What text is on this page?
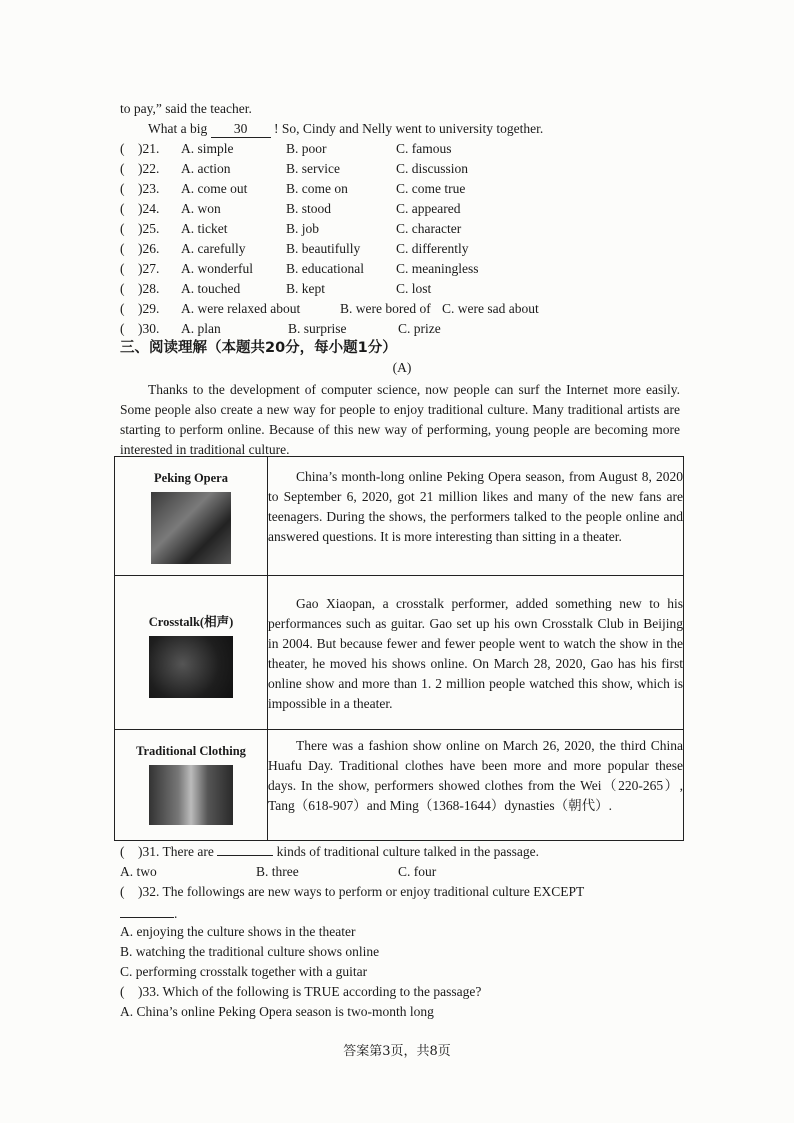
to pay,” said the teacher.
What a big 30 ! So, Cindy and Nelly went to university together.
(    )21. A. simple	B. poor	C. famous
(    )22. A. action	B. service	C. discussion
(    )23. A. come out	B. come on	C. come true
(    )24. A. won	B. stood	C. appeared
(    )25. A. ticket	B. job	C. character
(    )26. A. carefully	B. beautifully	C. differently
(    )27. A. wonderful B. educational C. meaningless
(    )28. A. touched	B. kept	C. lost
(    )29. A. were relaxed about	B. were bored of C. were sad about
(    )30. A. plan	B. surprise	C. prize
三、阅读理解（本题共20分，每小题1分）
(A)
Thanks to the development of computer science, now people can surf the Internet more easily. Some people also create a new way for people to enjoy traditional culture. Many traditional artists are starting to perform online. Because of this new way of performing, young people are becoming more interested in traditional culture.
Peking Opera	China’s month-long online Peking Opera season, from August 8, 2020 to September 6, 2020, got 21 million likes and many of the new fans are teenagers. During the shows, the performers talked to the people online and answered questions. It is more interesting than sitting in a theater.

Crosstalk(相声)	Gao Xiaopan, a crosstalk performer, added something new to his performances such as guitar. Gao set up his own Crosstalk Club in Beijing in 2004. But because fewer and fewer people went to watch the show in the theater, he moved his shows online. On March 28, 2020, Gao has his first online show and more than 1. 2 million people watched this show, which is impossible in a theater.

Traditional Clothing	There was a fashion show online on March 26, 2020, the third China Huafu Day. Traditional clothes have been more and more popular these days. In the show, performers showed clothes from the Wei（220-265）, Tang（618-907）and Ming（1368-1644）dynasties（朝代）.
(    )31. There are	kinds of traditional culture talked in the passage.
A. two	B. three	C. four
(    )32. The followings are new ways to perform or enjoy traditional culture EXCEPT
.
A. enjoying the culture shows in the theater
B. watching the traditional culture shows online
C. performing crosstalk together with a guitar
(    )33. Which of the following is TRUE according to the passage?
A. China’s online Peking Opera season is two-month long
答案第3页，共8页
